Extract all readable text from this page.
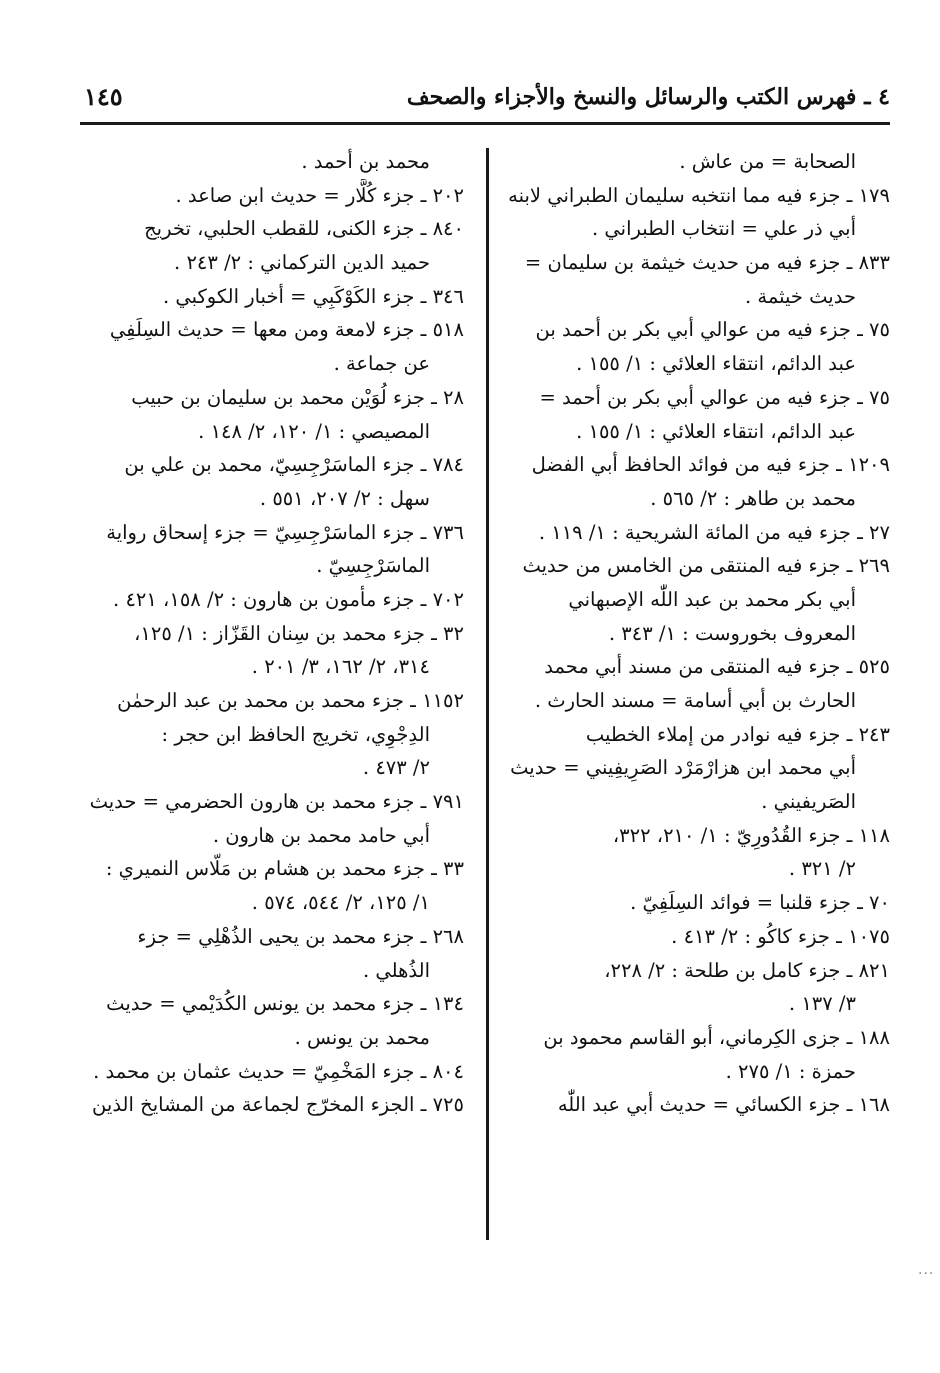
٤ ـ فهرس الكتب والرسائل والنسخ والأجزاء والصحف
١٤٥
الصحابة = من عاش .
١٧٩ ـ جزء فيه مما انتخبه سليمان الطبراني لابنه
أبي ذر علي = انتخاب الطبراني .
٨٣٣ ـ جزء فيه من حديث خيثمة بن سليمان =
حديث خيثمة .
٧٥ ـ جزء فيه من عوالي أبي بكر بن أحمد بن
عبد الدائم، انتقاء العلائي : ١/ ١٥٥ .
٧٥ ـ جزء فيه من عوالي أبي بكر بن أحمد =
عبد الدائم، انتقاء العلائي : ١/ ١٥٥ .
١٢٠٩ ـ جزء فيه من فوائد الحافظ أبي الفضل
محمد بن طاهر : ٢/ ٥٦٥ .
٢٧ ـ جزء فيه من المائة الشريحية : ١/ ١١٩ .
٢٦٩ ـ جزء فيه المنتقى من الخامس من حديث
أبي بكر محمد بن عبد اللّٰه الإصبهاني
المعروف بخوروست : ١/ ٣٤٣ .
٥٢٥ ـ جزء فيه المنتقى من مسند أبي محمد
الحارث بن أبي أسامة = مسند الحارث .
٢٤٣ ـ جزء فيه نوادر من إملاء الخطيب
أبي محمد ابن هزارْمَرْد الصَرِيفِيني = حديث
الصَريفيني .
١١٨ ـ جزء القُدُورِيّ : ١/ ٢١٠، ٣٢٢،
٢/ ٣٢١ .
٧٠ ـ جزء قلنبا = فوائد السِلَفِيّ .
١٠٧٥ ـ جزء كاكُو : ٢/ ٤١٣ .
٨٢١ ـ جزء كامل بن طلحة : ٢/ ٢٢٨،
٣/ ١٣٧ .
١٨٨ ـ جزى الكِرماني، أبو القاسم محمود بن
حمزة : ١/ ٢٧٥ .
١٦٨ ـ جزء الكسائي = حديث أبي عبد اللّٰه
محمد بن أحمد .
٢٠٢ ـ جزء كُلَّار = حديث ابن صاعد .
٨٤٠ ـ جزء الكنى، للقطب الحلبي، تخريج
حميد الدين التركماني : ٢/ ٢٤٣ .
٣٤٦ ـ جزء الكَوْكَبِي = أخبار الكوكبي .
٥١٨ ـ جزء لامعة ومن معها = حديث السِلَفِي
عن جماعة .
٢٨ ـ جزء لُوَيْن محمد بن سليمان بن حبيب
المصيصي : ١/ ١٢٠، ٢/ ١٤٨ .
٧٨٤ ـ جزء الماسَرْجِسِيّ، محمد بن علي بن
سهل : ٢/ ٢٠٧، ٥٥١ .
٧٣٦ ـ جزء الماسَرْجِسِيّ = جزء إسحاق رواية
الماسَرْجِسِيّ .
٧٠٢ ـ جزء مأمون بن هارون : ٢/ ١٥٨، ٤٢١ .
٣٢ ـ جزء محمد بن سِنان القَزّاز : ١/ ١٢٥،
٣١٤، ٢/ ١٦٢، ٣/ ٢٠١ .
١١٥٢ ـ جزء محمد بن محمد بن عبد الرحمٰن
الدِجْوِي، تخريج الحافظ ابن حجر :
٢/ ٤٧٣ .
٧٩١ ـ جزء محمد بن هارون الحضرمي = حديث
أبي حامد محمد بن هارون .
٣٣ ـ جزء محمد بن هشام بن مَلّاس النميري :
١/ ١٢٥، ٢/ ٥٤٤، ٥٧٤ .
٢٦٨ ـ جزء محمد بن يحيى الذُهْلِي = جزء
الذُهلي .
١٣٤ ـ جزء محمد بن يونس الكُدَيْمي = حديث
محمد بن يونس .
٨٠٤ ـ جزء المَخْمِيّ = حديث عثمان بن محمد .
٧٢٥ ـ الجزء المخرّج لجماعة من المشايخ الذين
...
